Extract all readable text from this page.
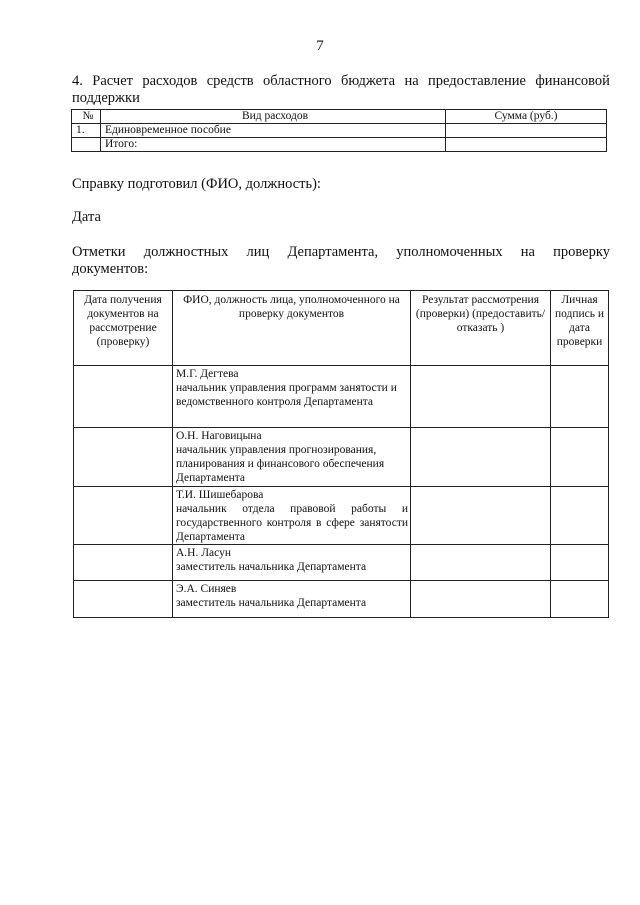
7
4. Расчет расходов средств областного бюджета на предоставление финансовой
поддержки
№	Вид расходов	Сумма (руб.)
1.	Единовременное пособие	
	Итого:	
Справку подготовил (ФИО, должность):
Дата
Отметки должностных лиц Департамента, уполномоченных на проверку
документов:
Дата получения документов на рассмотрение (проверку)	ФИО, должность лица, уполномоченного на проверку документов	Результат рассмотрения (проверки) (предоставить/отказать )	Личная подпись и дата проверки

	М.Г. Дегтева
начальник управления программ занятости и ведомственного контроля Департамента		

	О.Н. Наговицына
начальник управления прогнозирования, планирования и финансового обеспечения Департамента		

	Т.И. Шишебарова
начальник отдела правовой работы и государственного контроля в сфере занятости Департамента		

	А.Н. Ласун
заместитель начальника Департамента		

	Э.А. Синяев
заместитель начальника Департамента		
